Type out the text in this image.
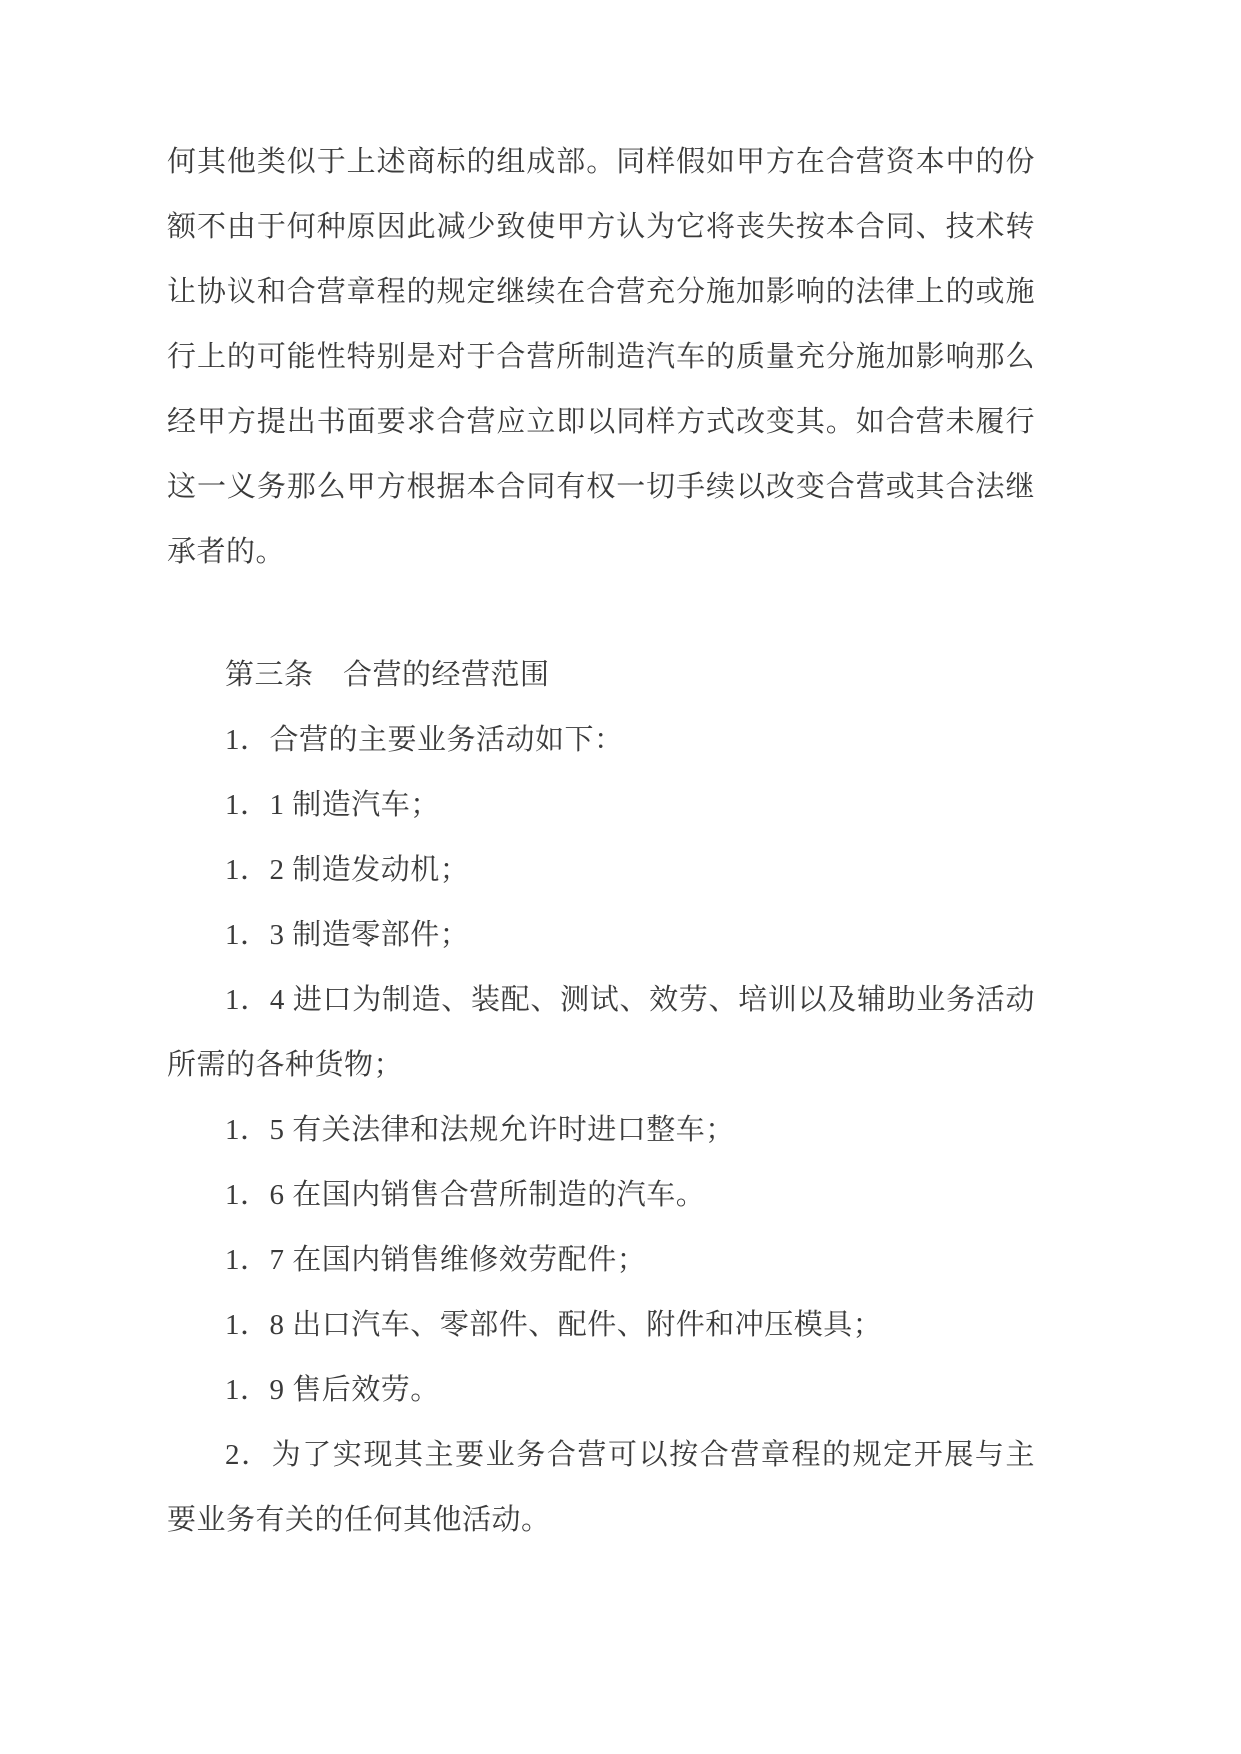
何其他类似于上述商标的组成部。同样假如甲方在合营资本中的份额不由于何种原因此减少致使甲方认为它将丧失按本合同、技术转让协议和合营章程的规定继续在合营充分施加影响的法律上的或施行上的可能性特别是对于合营所制造汽车的质量充分施加影响那么经甲方提出书面要求合营应立即以同样方式改变其。如合营未履行这一义务那么甲方根据本合同有权一切手续以改变合营或其合法继承者的。

第三条　合营的经营范围

1．合营的主要业务活动如下：

1．1 制造汽车；

1．2 制造发动机；

1．3 制造零部件；

1．4 进口为制造、装配、测试、效劳、培训以及辅助业务活动所需的各种货物；

1．5 有关法律和法规允许时进口整车；

1．6 在国内销售合营所制造的汽车。

1．7 在国内销售维修效劳配件；

1．8 出口汽车、零部件、配件、附件和冲压模具；

1．9 售后效劳。

2．为了实现其主要业务合营可以按合营章程的规定开展与主要业务有关的任何其他活动。
